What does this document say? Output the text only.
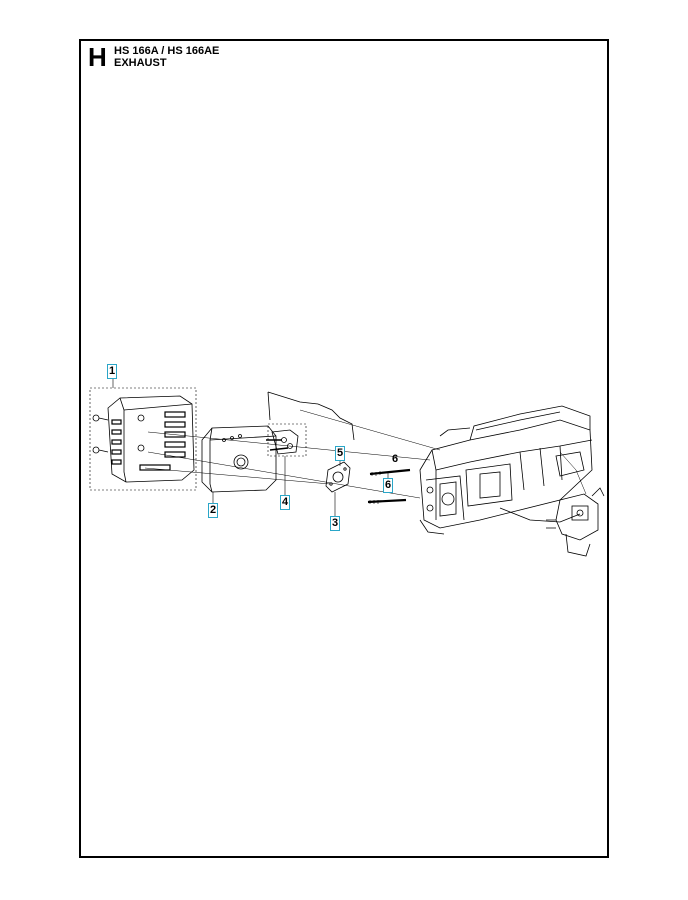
H HS 166A / HS 166AE
EXHAUST
1
2
3
4
5	6
6
